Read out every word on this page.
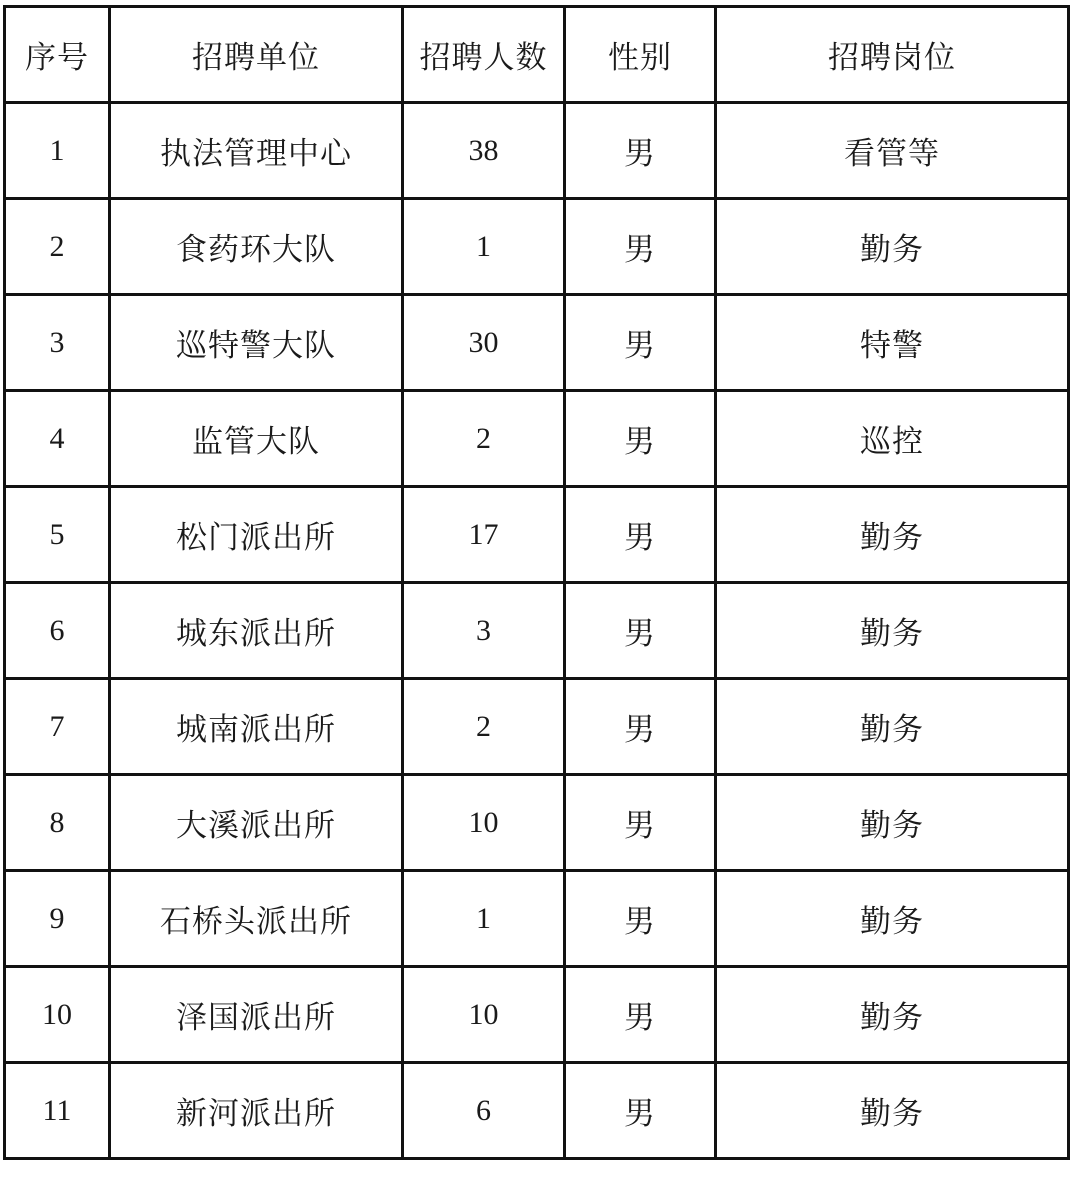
序号	招聘单位	招聘人数	性别	招聘岗位
1	执法管理中心	38	男	看管等
2	食药环大队	1	男	勤务
3	巡特警大队	30	男	特警
4	监管大队	2	男	巡控
5	松门派出所	17	男	勤务
6	城东派出所	3	男	勤务
7	城南派出所	2	男	勤务
8	大溪派出所	10	男	勤务
9	石桥头派出所	1	男	勤务
10	泽国派出所	10	男	勤务
11	新河派出所	6	男	勤务
